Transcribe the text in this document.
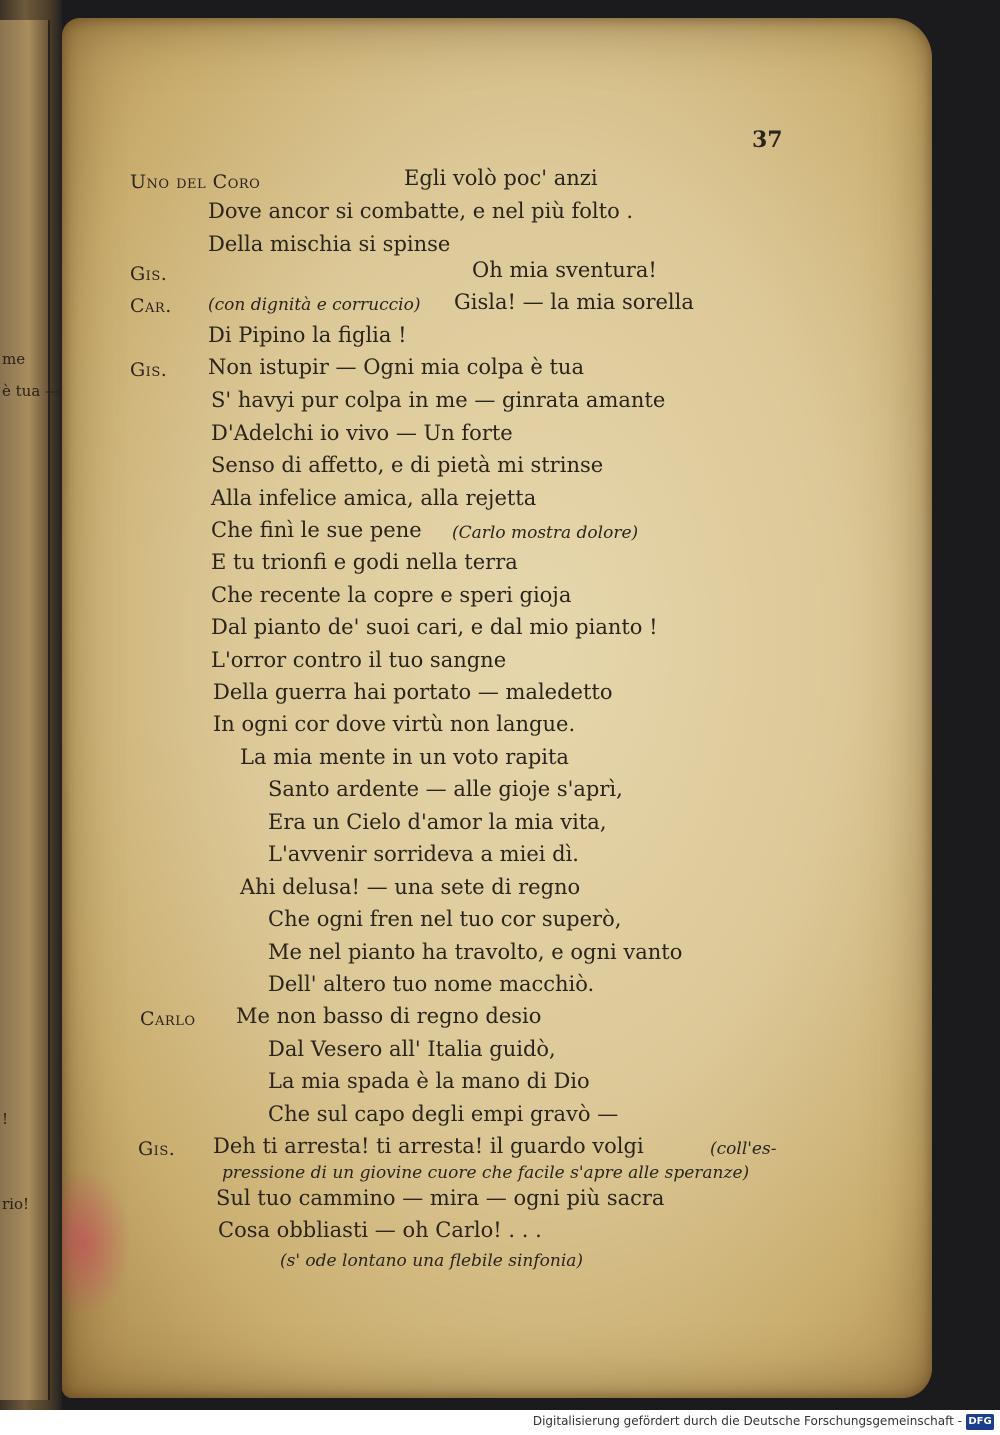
me
è tua —
!
rio!
37
Uno del Coro	Egli volò poc' anzi
Dove ancor si combatte, e nel più folto .
Della mischia si spinse
Gis.	Oh mia sventura!
Car. (con dignità e corruccio) Gisla! — la mia sorella
Di Pipino la figlia !
Gis. Non istupir — Ogni mia colpa è tua
S' havyi pur colpa in me — ginrata amante
D'Adelchi io vivo — Un forte
Senso di affetto, e di pietà mi strinse
Alla infelice amica, alla rejetta
Che finì le sue pene (Carlo mostra dolore)
E tu trionfi e godi nella terra
Che recente la copre e speri gioja
Dal pianto de' suoi cari, e dal mio pianto !
L'orror contro il tuo sangne
Della guerra hai portato — maledetto
In ogni cor dove virtù non langue.
La mia mente in un voto rapita
Santo ardente — alle gioje s'aprì,
Era un Cielo d'amor la mia vita,
L'avvenir sorrideva a miei dì.
Ahi delusa! — una sete di regno
Che ogni fren nel tuo cor superò,
Me nel pianto ha travolto, e ogni vanto
Dell' altero tuo nome macchiò.
Carlo Me non basso di regno desio
Dal Vesero all' Italia guidò,
La mia spada è la mano di Dio
Che sul capo degli empi gravò —
Gis. Deh ti arresta! ti arresta! il guardo volgi	(coll'es-
pressione di un giovine cuore che facile s'apre alle speranze)
Sul tuo cammino — mira — ogni più sacra
Cosa obbliasti — oh Carlo! . . .
(s' ode lontano una flebile sinfonia)
Digitalisierung gefördert durch die Deutsche Forschungsgemeinschaft - DFG
